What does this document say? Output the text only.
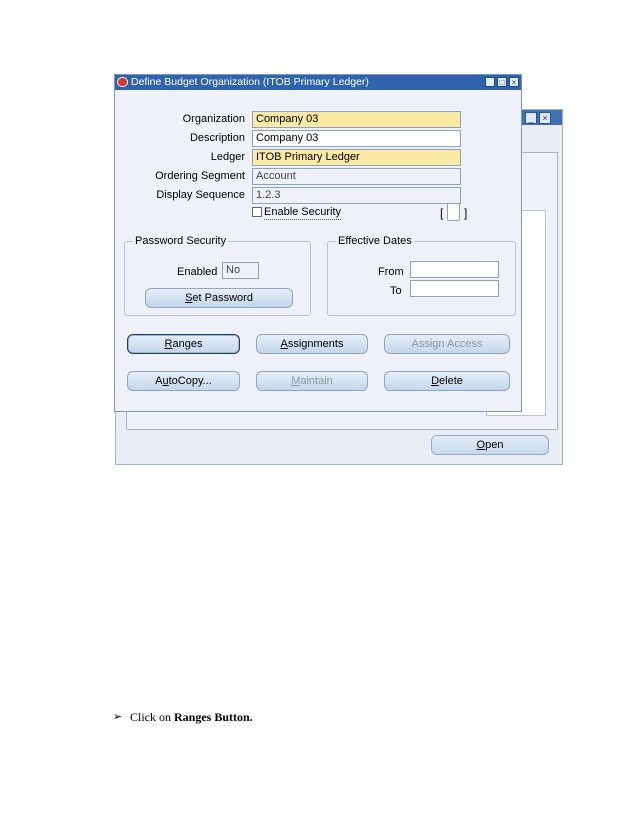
_ ×
Open
Define Budget Organization (ITOB Primary Ledger)	_ □ ×
Organization	Company 03
Description	Company 03
Ledger	ITOB Primary Ledger
Ordering Segment	Account
Display Sequence	1.2.3
Enable Security	[ ]
Password Security
Enabled No
Set Password
Effective Dates
From
To
Ranges	Assignments	Assign Access
AutoCopy...	Maintain	Delete
➢ Click on Ranges Button.
